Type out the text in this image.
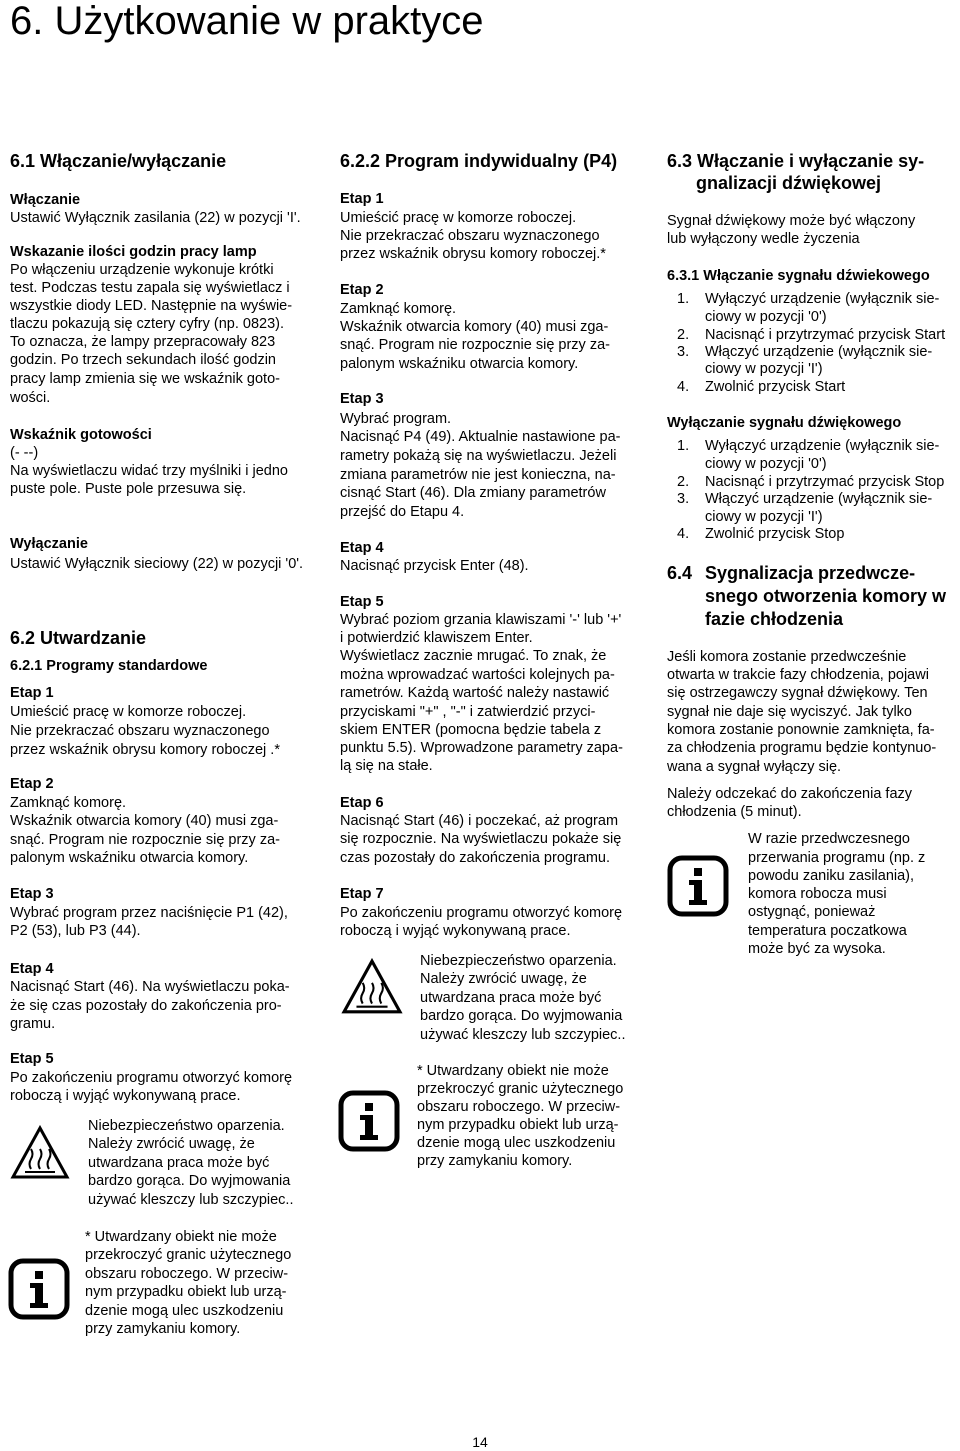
6. Użytkowanie w praktyce
6.1 Włączanie/wyłączanie
Włączanie
Ustawić Wyłącznik zasilania (22) w pozycji 'I'.
Wskazanie ilości godzin pracy lamp
Po włączeniu urządzenie wykonuje krótki
test. Podczas testu zapala się wyświetlacz i
wszystkie diody LED. Następnie na wyświe-
tlaczu pokazują się cztery cyfry (np. 0823).
To oznacza, że lampy przepracowały 823
godzin. Po trzech sekundach ilość godzin
pracy lamp zmienia się we wskaźnik goto-
wości.
Wskaźnik gotowości
(- --)
Na wyświetlaczu widać trzy myślniki i jedno
puste pole. Puste pole przesuwa się.
Wyłączanie
Ustawić Wyłącznik sieciowy (22) w pozycji '0'.
6.2 Utwardzanie
6.2.1 Programy standardowe
Etap 1
Umieścić pracę w komorze roboczej.
Nie przekraczać obszaru wyznaczonego
przez wskaźnik obrysu komory roboczej .*
Etap 2
Zamknąć komorę.
Wskaźnik otwarcia komory (40) musi zga-
snąć. Program nie rozpocznie się przy za-
palonym wskaźniku otwarcia komory.
Etap 3
Wybrać program przez naciśnięcie P1 (42),
P2 (53), lub P3 (44).
Etap 4
Nacisnąć Start (46). Na wyświetlaczu poka-
że się czas pozostały do zakończenia pro-
gramu.
Etap 5
Po zakończeniu programu otworzyć komorę
roboczą i wyjąć wykonywaną prace.
Niebezpieczeństwo oparzenia.
Należy zwrócić uwagę, że
utwardzana praca może być
bardzo gorąca. Do wyjmowania
używać kleszczy lub szczypiec..
* Utwardzany obiekt nie może
przekroczyć granic użytecznego
obszaru roboczego. W przeciw-
nym przypadku obiekt lub urzą-
dzenie mogą ulec uszkodzeniu
przy zamykaniu komory.
6.2.2 Program indywidualny (P4)
Etap 1
Umieścić pracę w komorze roboczej.
Nie przekraczać obszaru wyznaczonego
przez wskaźnik obrysu komory roboczej.*
Etap 2
Zamknąć komorę.
Wskaźnik otwarcia komory (40) musi zga-
snąć. Program nie rozpocznie się przy za-
palonym wskaźniku otwarcia komory.
Etap 3
Wybrać program.
Nacisnąć P4 (49). Aktualnie nastawione pa-
rametry pokażą się na wyświetlaczu. Jeżeli
zmiana parametrów nie jest konieczna, na-
cisnąć Start (46). Dla zmiany parametrów
przejść do Etapu 4.
Etap 4
Nacisnąć przycisk Enter (48).
Etap 5
Wybrać poziom grzania klawiszami '-' lub '+'
i potwierdzić klawiszem Enter.
Wyświetlacz zacznie mrugać. To znak, że
można wprowadzać wartości kolejnych pa-
rametrów. Każdą wartość należy nastawić
przyciskami "+" , "-" i zatwierdzić przyci-
skiem ENTER (pomocna będzie tabela z
punktu 5.5). Wprowadzone parametry zapa-
lą się na stałe.
Etap 6
Nacisnąć Start (46) i poczekać, aż program
się rozpocznie. Na wyświetlaczu pokaże się
czas pozostały do zakończenia programu.
Etap 7
Po zakończeniu programu otworzyć komorę
roboczą i wyjąć wykonywaną prace.
Niebezpieczeństwo oparzenia.
Należy zwrócić uwagę, że
utwardzana praca może być
bardzo gorąca. Do wyjmowania
używać kleszczy lub szczypiec..
* Utwardzany obiekt nie może
przekroczyć granic użytecznego
obszaru roboczego. W przeciw-
nym przypadku obiekt lub urzą-
dzenie mogą ulec uszkodzeniu
przy zamykaniu komory.
6.3 Włączanie i wyłączanie sy-
gnalizacji dźwiękowej
Sygnał dźwiękowy może być włączony
lub wyłączony wedle życzenia
6.3.1 Włączanie sygnału dźwiekowego
1. Wyłączyć urządzenie (wyłącznik sie-
ciowy w pozycji '0')
2. Nacisnąć i przytrzymać przycisk Start
3. Włączyć urządzenie (wyłącznik sie-
ciowy w pozycji 'I')
4. Zwolnić przycisk Start
Wyłączanie sygnału dźwiękowego
1. Wyłączyć urządzenie (wyłącznik sie-
ciowy w pozycji '0')
2. Nacisnąć i przytrzymać przycisk Stop
3. Włączyć urządzenie (wyłącznik sie-
ciowy w pozycji 'I')
4. Zwolnić przycisk Stop
6.4 Sygnalizacja przedwcze-
snego otworzenia komory w
fazie chłodzenia
Jeśli komora zostanie przedwcześnie
otwarta w trakcie fazy chłodzenia, pojawi
się ostrzegawczy sygnał dźwiękowy. Ten
sygnał nie daje się wyciszyć. Jak tylko
komora zostanie ponownie zamknięta, fa-
za chłodzenia programu będzie kontynuo-
wana a sygnał wyłączy się.
Należy odczekać do zakończenia fazy
chłodzenia (5 minut).
W razie przedwczesnego
przerwania programu (np. z
powodu zaniku zasilania),
komora robocza musi
ostygnąć, ponieważ
temperatura poczatkowa
może być za wysoka.
14
